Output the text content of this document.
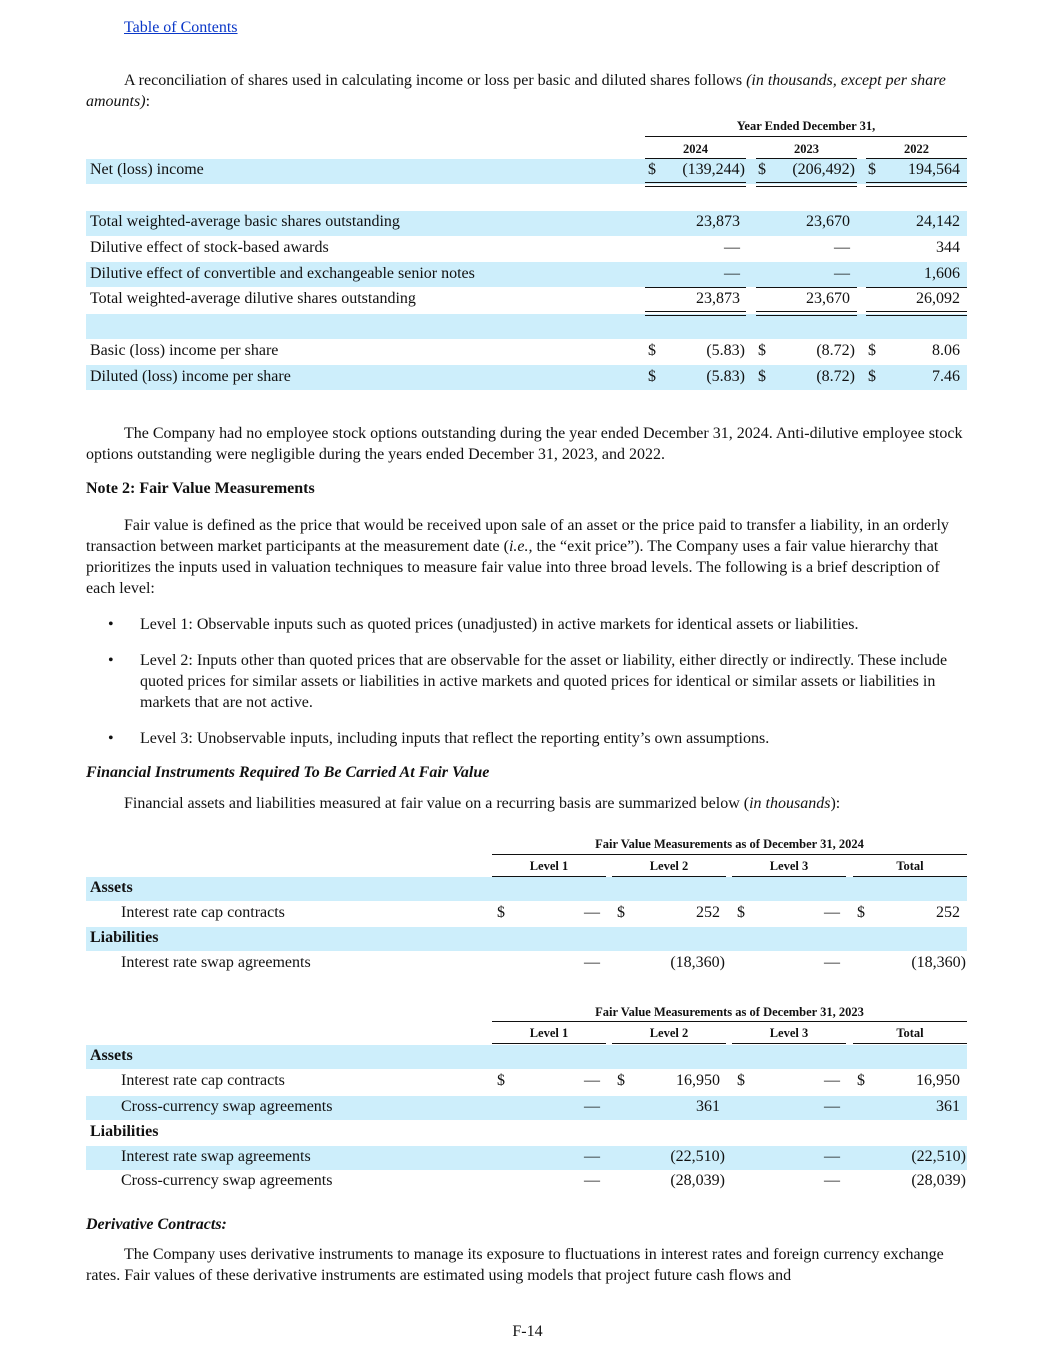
Table of Contents

A reconciliation of shares used in calculating income or loss per basic and diluted shares follows (in thousands, except per share amounts):

Year Ended December 31,
2024	2023	2022
Net (loss) income	$ (139,244) $ (206,492) $ 194,564
Total weighted-average basic shares outstanding	23,873	23,670	24,142
Dilutive effect of stock-based awards	—	—	344
Dilutive effect of convertible and exchangeable senior notes	—	—	1,606
Total weighted-average dilutive shares outstanding	23,873	23,670	26,092
Basic (loss) income per share	$	(5.83) $	(8.72) $	8.06
Diluted (loss) income per share	$	(5.83) $	(8.72) $	7.46

The Company had no employee stock options outstanding during the year ended December 31, 2024. Anti-dilutive employee stock options outstanding were negligible during the years ended December 31, 2023, and 2022.

Note 2: Fair Value Measurements

Fair value is defined as the price that would be received upon sale of an asset or the price paid to transfer a liability, in an orderly transaction between market participants at the measurement date (i.e., the “exit price”). The Company uses a fair value hierarchy that prioritizes the inputs used in valuation techniques to measure fair value into three broad levels. The following is a brief description of each level:

• Level 1: Observable inputs such as quoted prices (unadjusted) in active markets for identical assets or liabilities.
• Level 2: Inputs other than quoted prices that are observable for the asset or liability, either directly or indirectly. These include quoted prices for similar assets or liabilities in active markets and quoted prices for identical or similar assets or liabilities in markets that are not active.
• Level 3: Unobservable inputs, including inputs that reflect the reporting entity’s own assumptions.
Financial Instruments Required To Be Carried At Fair Value

Financial assets and liabilities measured at fair value on a recurring basis are summarized below (in thousands):

Fair Value Measurements as of December 31, 2024
Level 1	Level 2	Level 3	Total
Assets
Interest rate cap contracts	$	— $	252 $	— $	252
Liabilities
Interest rate swap agreements	—	(18,360)	—	(18,360)
Fair Value Measurements as of December 31, 2023
Level 1	Level 2	Level 3	Total
Assets
Interest rate cap contracts	$	— $	16,950 $	— $	16,950
Cross-currency swap agreements	—	361	—	361
Liabilities
Interest rate swap agreements	—	(22,510)	—	(22,510)
Cross-currency swap agreements	—	(28,039)	—	(28,039)
Derivative Contracts:

The Company uses derivative instruments to manage its exposure to fluctuations in interest rates and foreign currency exchange rates. Fair values of these derivative instruments are estimated using models that project future cash flows and

F-14
